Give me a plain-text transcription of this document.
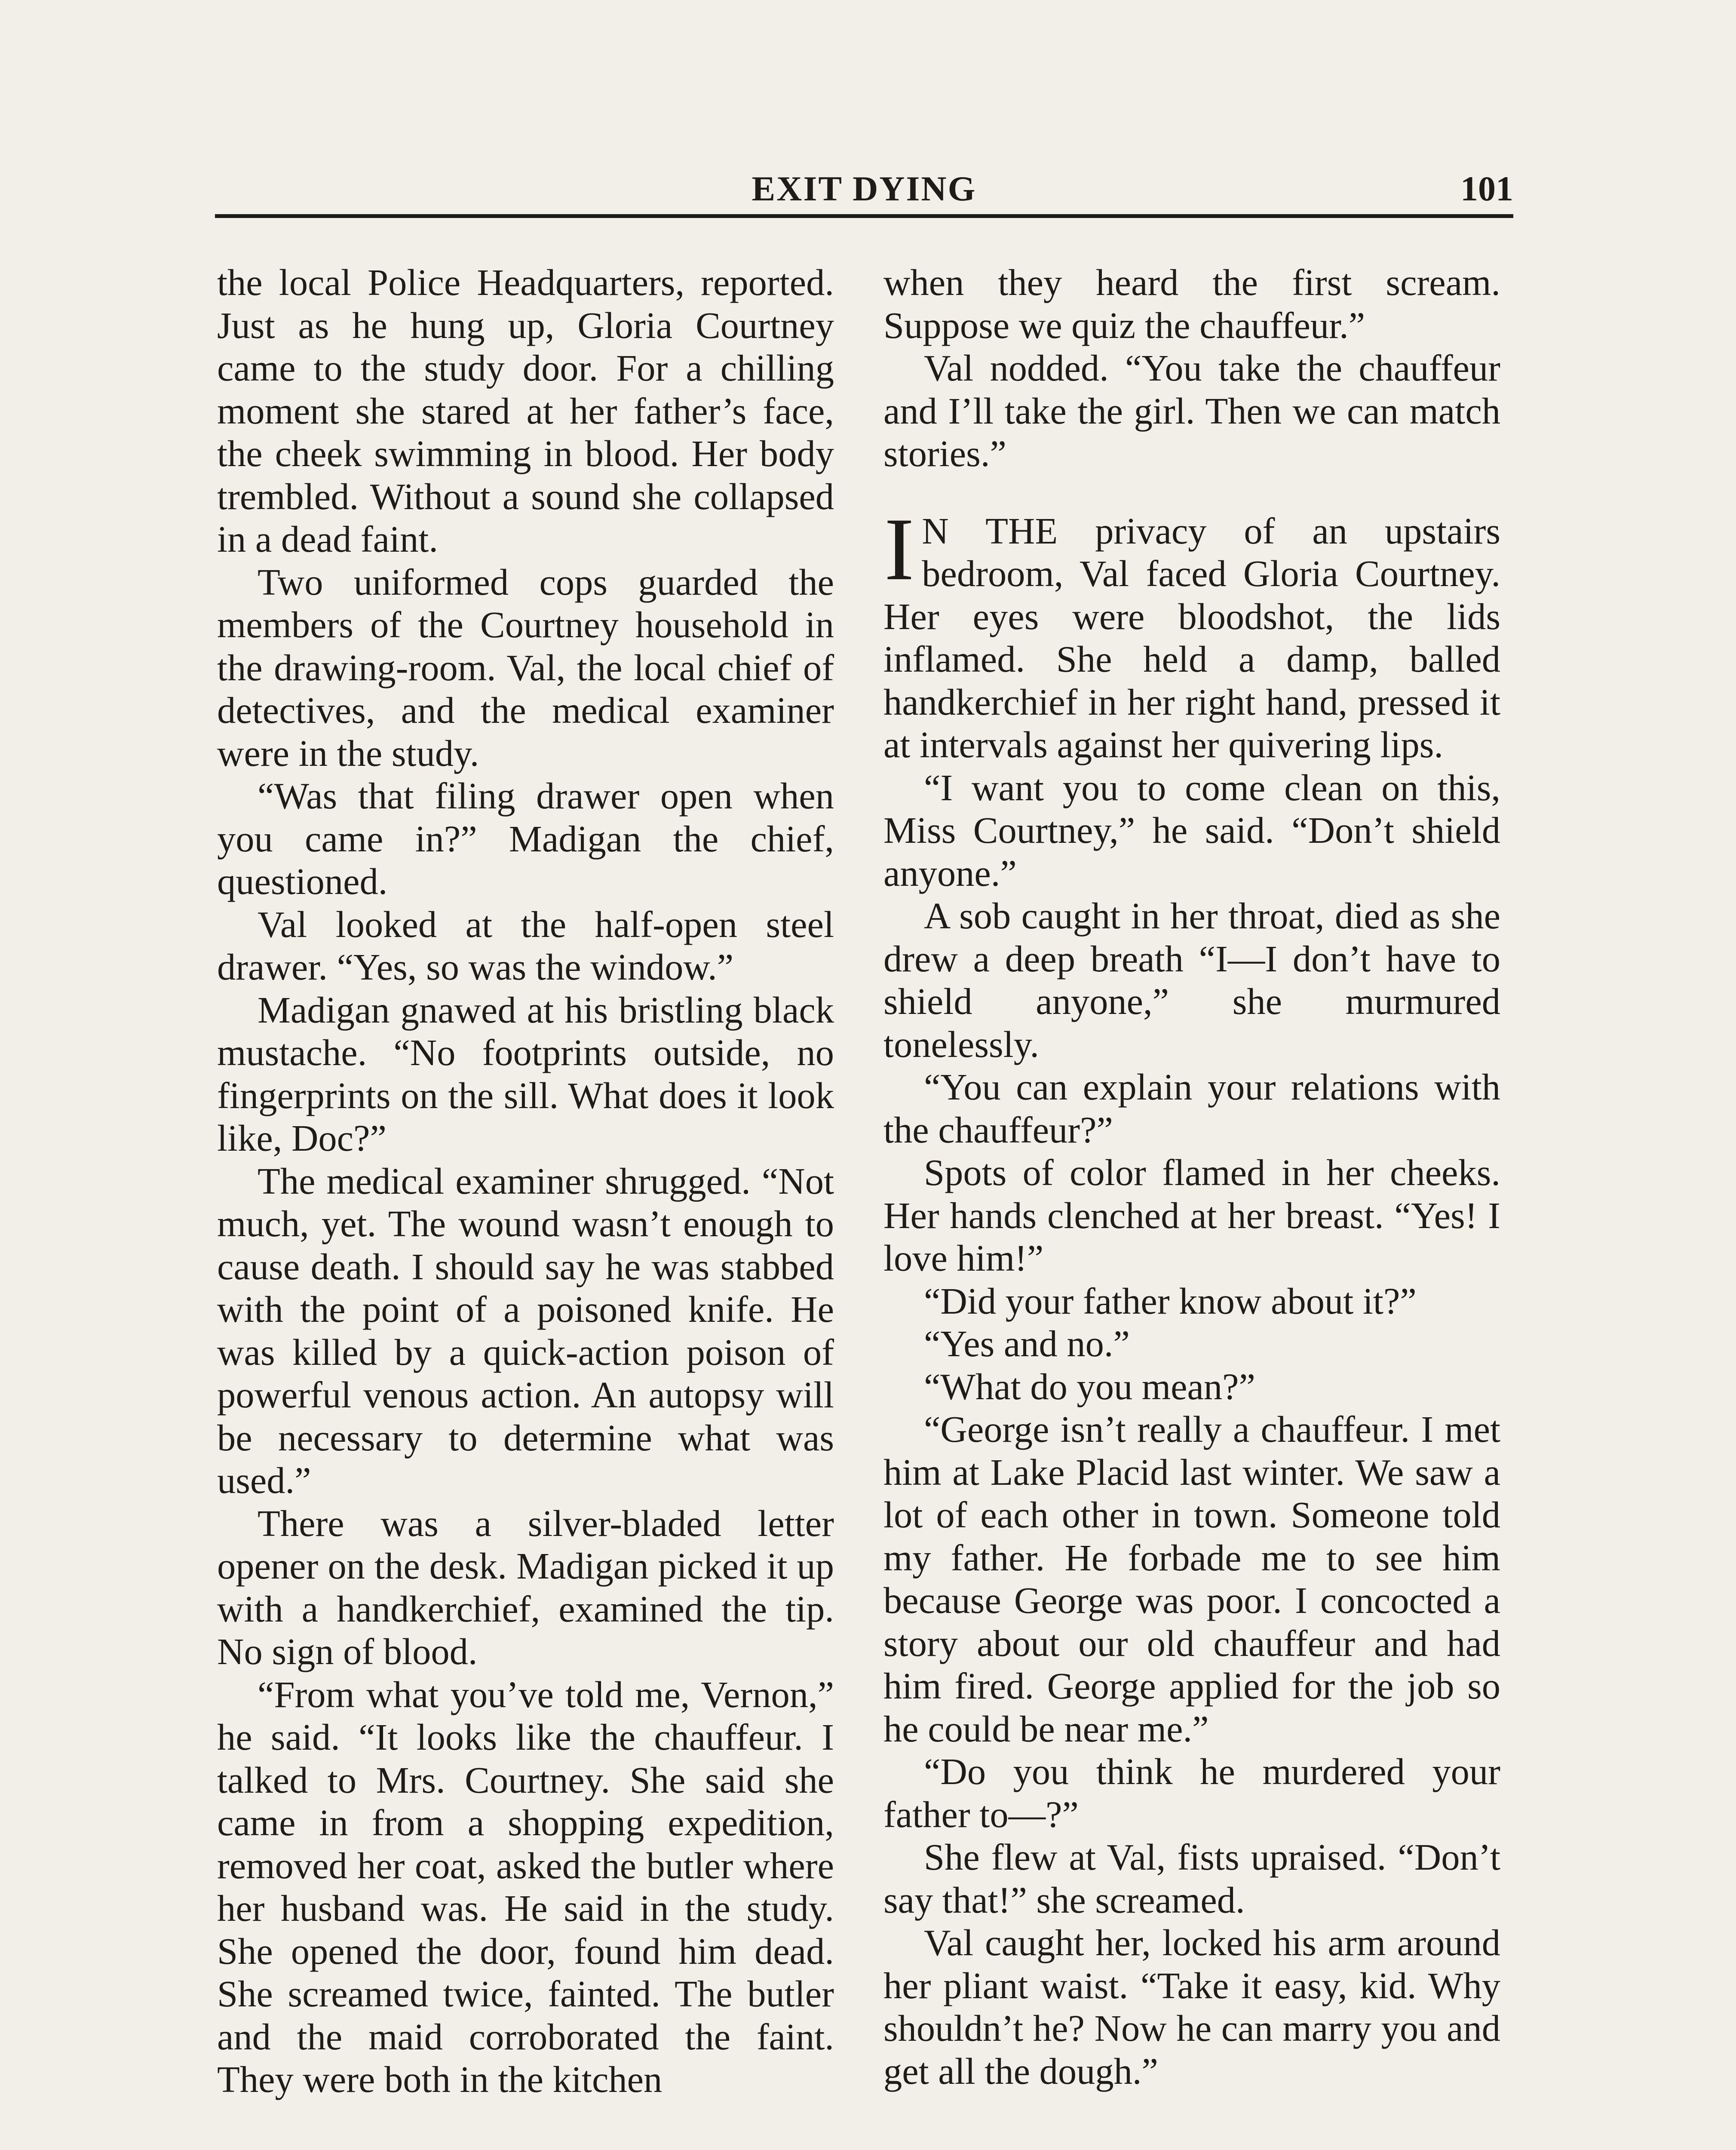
EXIT DYING	101

the local Police Headquarters, reported. Just as he hung up, Gloria Courtney came to the study door. For a chilling moment she stared at her father’s face, the cheek swimming in blood. Her body trembled. Without a sound she collapsed in a dead faint.

Two uniformed cops guarded the members of the Courtney household in the drawing-room. Val, the local chief of detectives, and the medical examiner were in the study.

“Was that filing drawer open when you came in?” Madigan the chief, questioned.

Val looked at the half-open steel drawer. “Yes, so was the window.”

Madigan gnawed at his bristling black mustache. “No footprints outside, no fingerprints on the sill. What does it look like, Doc?”

The medical examiner shrugged. “Not much, yet. The wound wasn’t enough to cause death. I should say he was stabbed with the point of a poisoned knife. He was killed by a quick-action poison of powerful venous action. An autopsy will be necessary to determine what was used.”

There was a silver-bladed letter opener on the desk. Madigan picked it up with a handkerchief, examined the tip. No sign of blood.

“From what you’ve told me, Vernon,” he said. “It looks like the chauffeur. I talked to Mrs. Courtney. She said she came in from a shopping expedition, removed her coat, asked the butler where her husband was. He said in the study. She opened the door, found him dead. She screamed twice, fainted. The butler and the maid corroborated the faint. They were both in the kitchen

when they heard the first scream. Suppose we quiz the chauffeur.”

Val nodded. “You take the chauffeur and I’ll take the girl. Then we can match stories.”

I N THE privacy of an upstairs bedroom, Val faced Gloria Courtney. Her eyes were bloodshot, the lids inflamed. She held a damp, balled handkerchief in her right hand, pressed it at intervals against her quivering lips.

“I want you to come clean on this, Miss Courtney,” he said. “Don’t shield anyone.”

A sob caught in her throat, died as she drew a deep breath “I—I don’t have to shield anyone,” she murmured tonelessly.

“You can explain your relations with the chauffeur?”

Spots of color flamed in her cheeks. Her hands clenched at her breast. “Yes! I love him!”

“Did your father know about it?”

“Yes and no.”

“What do you mean?”

“George isn’t really a chauffeur. I met him at Lake Placid last winter. We saw a lot of each other in town. Someone told my father. He forbade me to see him because George was poor. I concocted a story about our old chauffeur and had him fired. George applied for the job so he could be near me.”

“Do you think he murdered your father to—?”

She flew at Val, fists upraised. “Don’t say that!” she screamed.

Val caught her, locked his arm around her pliant waist. “Take it easy, kid. Why shouldn’t he? Now he can marry you and get all the dough.”
